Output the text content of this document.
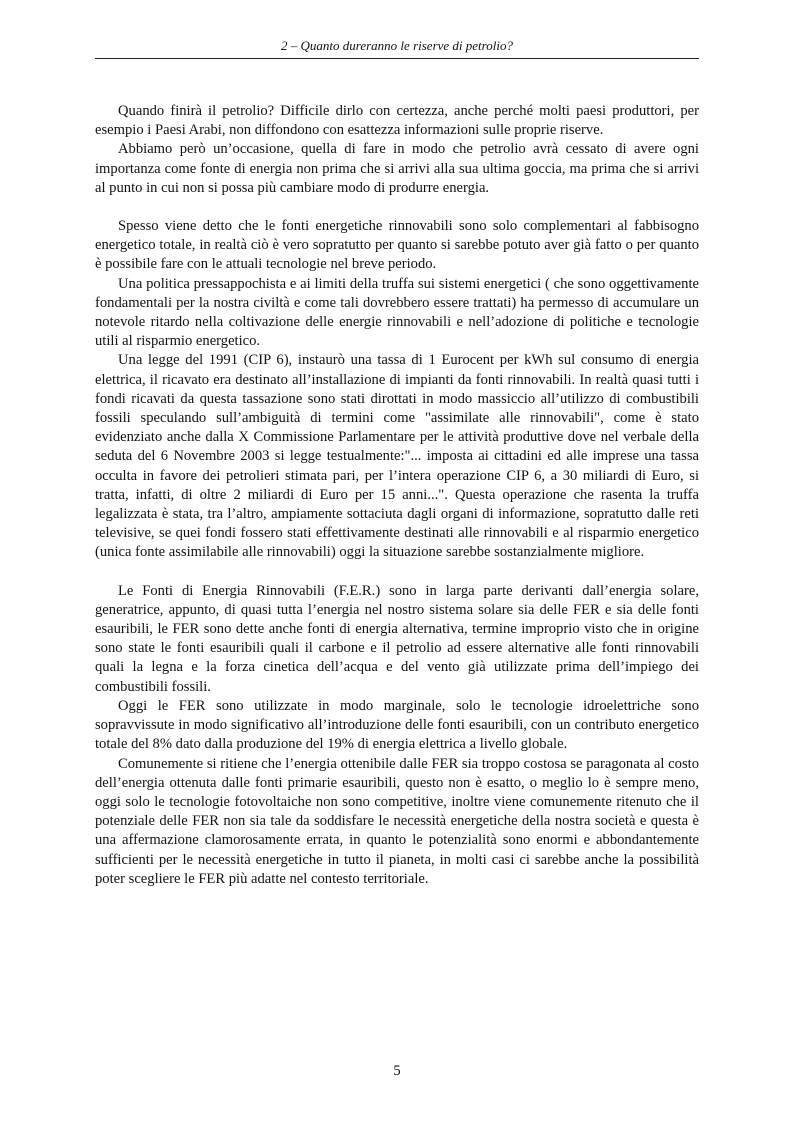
2 – Quanto dureranno le riserve di petrolio?

Quando finirà il petrolio? Difficile dirlo con certezza, anche perché molti paesi produttori, per esempio i Paesi Arabi, non diffondono con esattezza informazioni sulle proprie riserve.

Abbiamo però un’occasione, quella di fare in modo che petrolio avrà cessato di avere ogni importanza come fonte di energia non prima che si arrivi alla sua ultima goccia, ma prima che si arrivi al punto in cui non si possa più cambiare modo di produrre energia.

Spesso viene detto che le fonti energetiche rinnovabili sono solo complementari al fabbisogno energetico totale, in realtà ciò è vero sopratutto per quanto si sarebbe potuto aver già fatto o per quanto è possibile fare con le attuali tecnologie nel breve periodo.

Una politica pressappochista e ai limiti della truffa sui sistemi energetici ( che sono oggettivamente fondamentali per la nostra civiltà e come tali dovrebbero essere trattati) ha permesso di accumulare un notevole ritardo nella coltivazione delle energie rinnovabili e nell’adozione di politiche e tecnologie utili al risparmio energetico.

Una legge del 1991 (CIP 6), instaurò una tassa di 1 Eurocent per kWh sul consumo di energia elettrica, il ricavato era destinato all’installazione di impianti da fonti rinnovabili. In realtà quasi tutti i fondi ricavati da questa tassazione sono stati dirottati in modo massiccio all’utilizzo di combustibili fossili speculando sull’ambiguità di termini come "assimilate alle rinnovabili", come è stato evidenziato anche dalla X Commissione Parlamentare per le attività produttive dove nel verbale della seduta del 6 Novembre 2003 si legge testualmente:"... imposta ai cittadini ed alle imprese una tassa occulta in favore dei petrolieri stimata pari, per l’intera operazione CIP 6, a 30 miliardi di Euro, si tratta, infatti, di oltre 2 miliardi di Euro per 15 anni...". Questa operazione che rasenta la truffa legalizzata è stata, tra l’altro, ampiamente sottaciuta dagli organi di informazione, sopratutto dalle reti televisive, se quei fondi fossero stati effettivamente destinati alle rinnovabili e al risparmio energetico (unica fonte assimilabile alle rinnovabili) oggi la situazione sarebbe sostanzialmente migliore.

Le Fonti di Energia Rinnovabili (F.E.R.) sono in larga parte derivanti dall’energia solare, generatrice, appunto, di quasi tutta l’energia nel nostro sistema solare sia delle FER e sia delle fonti esauribili, le FER sono dette anche fonti di energia alternativa, termine improprio visto che in origine sono state le fonti esauribili quali il carbone e il petrolio ad essere alternative alle fonti rinnovabili quali la legna e la forza cinetica dell’acqua e del vento già utilizzate prima dell’impiego dei combustibili fossili.

Oggi le FER sono utilizzate in modo marginale, solo le tecnologie idroelettriche sono sopravvissute in modo significativo all’introduzione delle fonti esauribili, con un contributo energetico totale del 8% dato dalla produzione del 19% di energia elettrica a livello globale.

Comunemente si ritiene che l’energia ottenibile dalle FER sia troppo costosa se paragonata al costo dell’energia ottenuta dalle fonti primarie esauribili, questo non è esatto, o meglio lo è sempre meno, oggi solo le tecnologie fotovoltaiche non sono competitive, inoltre viene comunemente ritenuto che il potenziale delle FER non sia tale da soddisfare le necessità energetiche della nostra società e questa è una affermazione clamorosamente errata, in quanto le potenzialità sono enormi e abbondantemente sufficienti per le necessità energetiche in tutto il pianeta, in molti casi ci sarebbe anche la possibilità poter scegliere le FER più adatte nel contesto territoriale.

5
